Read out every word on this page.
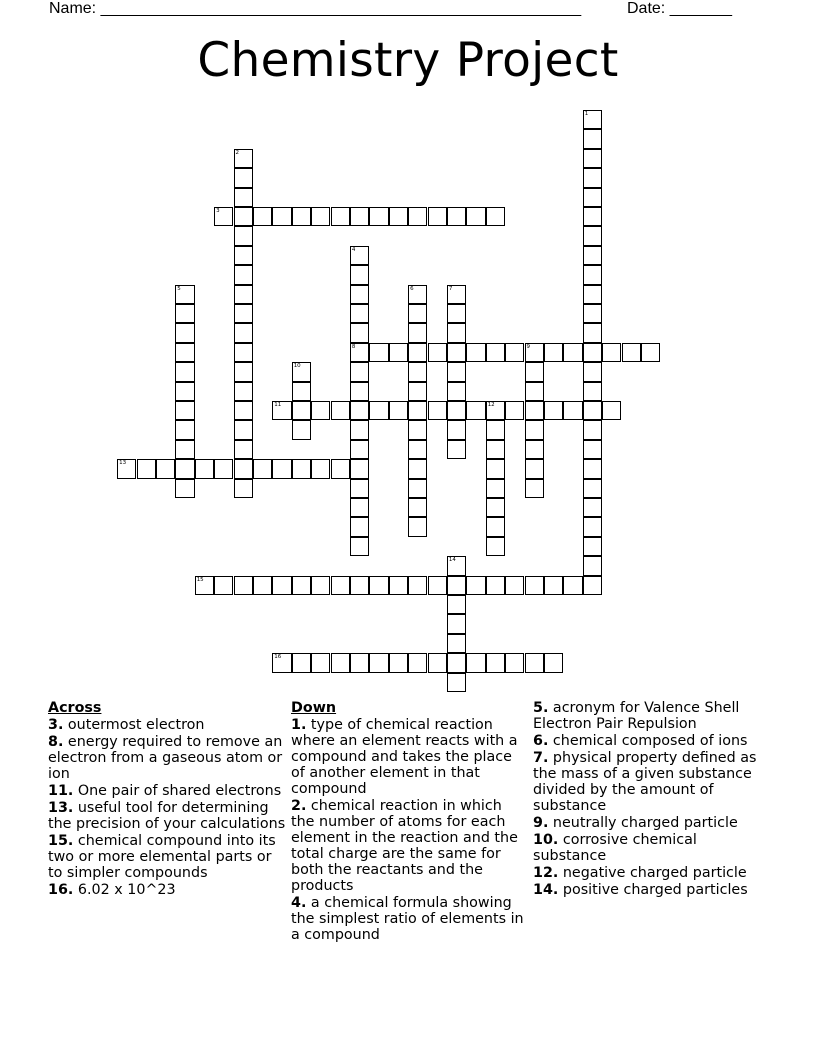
Name: ______________________________________________________	Date: _______
Chemistry Project
1
2
3
4
8
5	6	7
9
10
11	12
13
14
15
16
Across
3. outermost electron
8. energy required to remove an electron from a gaseous atom or ion
11. One pair of shared electrons
13. useful tool for determining the precision of your calculations
15. chemical compound into its two or more elemental parts or to simpler compounds
16. 6.02 x 10^23
Down
1. type of chemical reaction where an element reacts with a compound and takes the place of another element in that compound
2. chemical reaction in which the number of atoms for each element in the reaction and the total charge are the same for both the reactants and the products
4. a chemical formula showing the simplest ratio of elements in a compound
5. acronym for Valence Shell Electron Pair Repulsion
6. chemical composed of ions
7. physical property defined as the mass of a given substance divided by the amount of substance
9. neutrally charged particle
10. corrosive chemical substance
12. negative charged particle
14. positive charged particles
